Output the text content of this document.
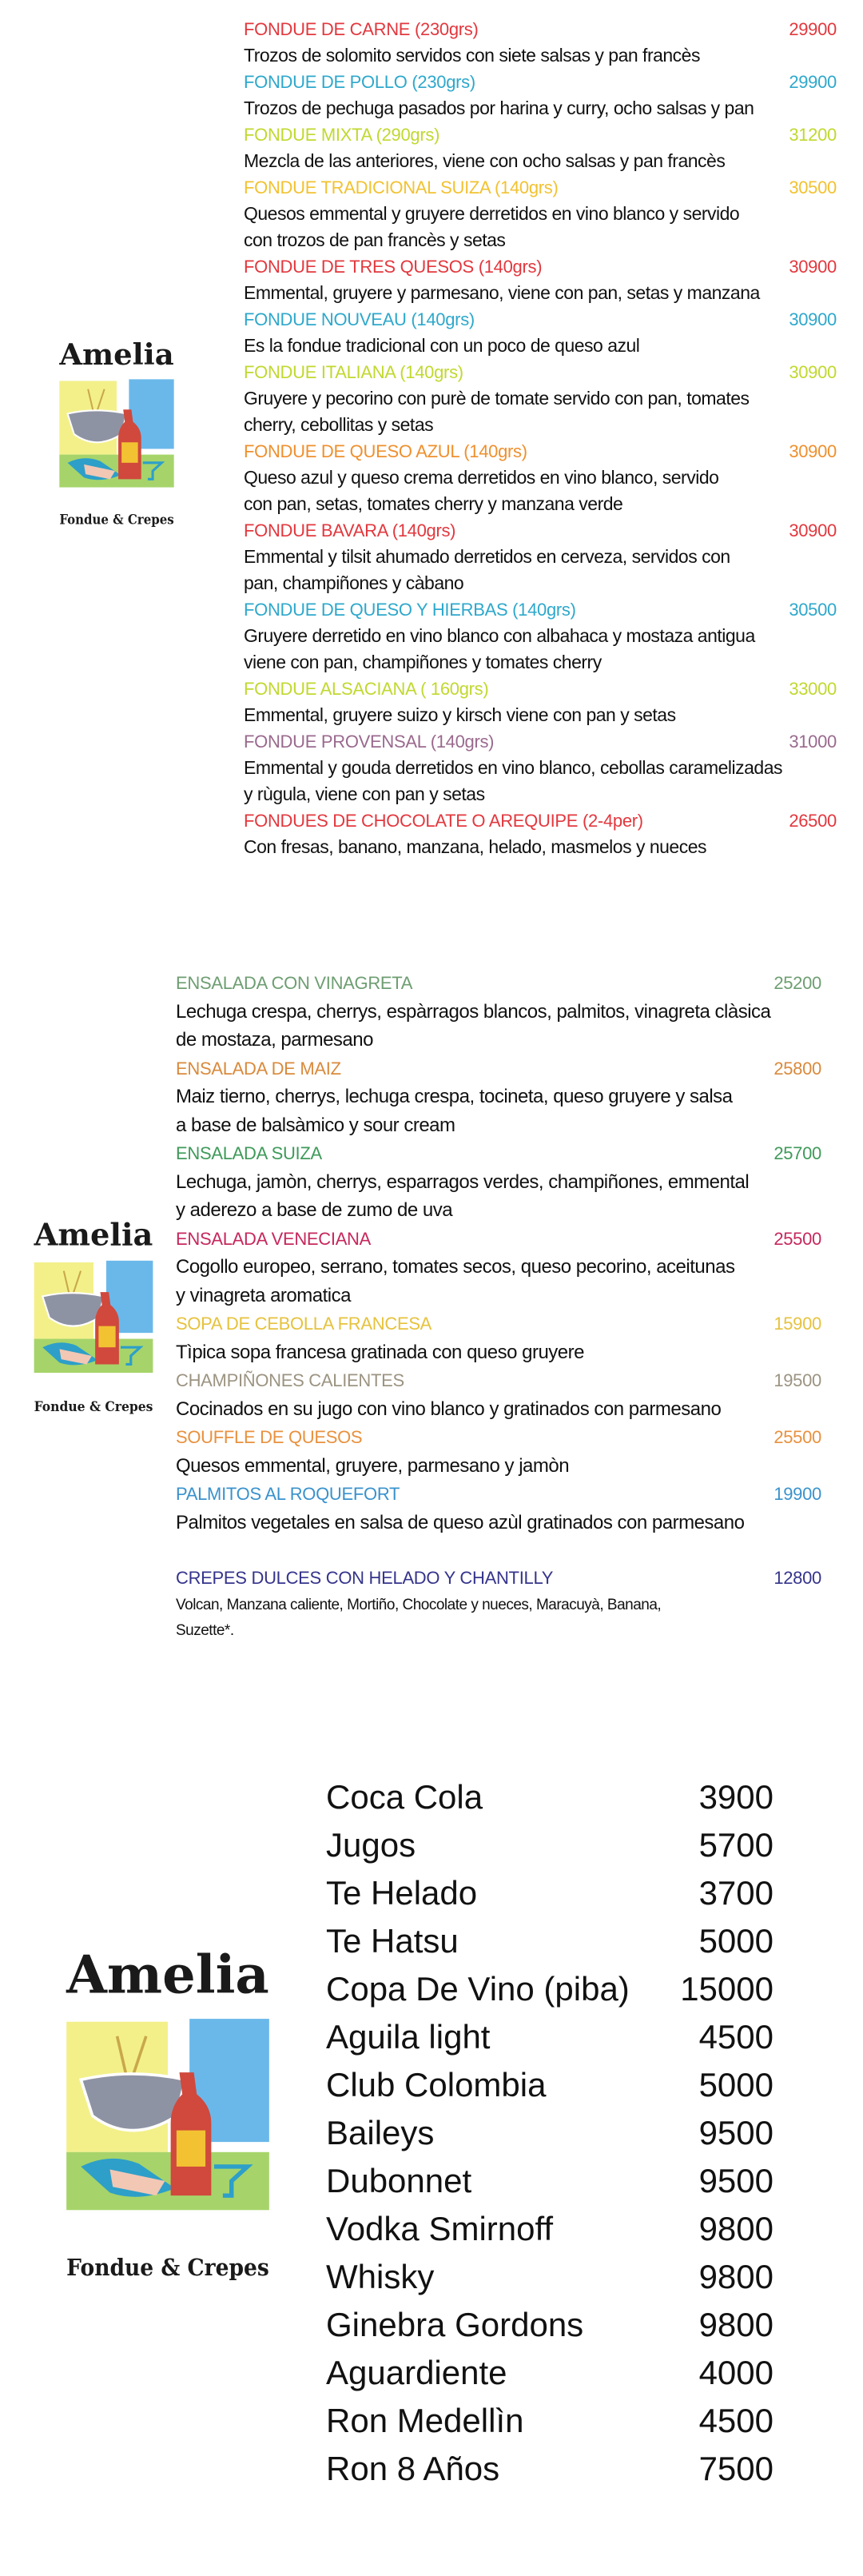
Amelia
Fondue & Crepes
Amelia
Fondue & Crepes
Amelia
Fondue & Crepes
FONDUE DE CARNE (230grs)	29900
Trozos de solomito servidos con siete salsas y pan francès
FONDUE DE POLLO (230grs)	29900
Trozos de pechuga pasados por harina y curry, ocho salsas y pan
FONDUE MIXTA (290grs)	31200
Mezcla de las anteriores, viene con ocho salsas y pan francès
FONDUE TRADICIONAL SUIZA (140grs)	30500
Quesos emmental y gruyere derretidos en vino blanco y servido
con trozos de pan francès y setas
FONDUE DE TRES QUESOS (140grs)	30900
Emmental, gruyere y parmesano, viene con pan, setas y manzana
FONDUE NOUVEAU (140grs)	30900
Es la fondue tradicional con un poco de queso azul
FONDUE ITALIANA (140grs)	30900
Gruyere y pecorino con purè de tomate servido con pan, tomates
cherry, cebollitas y setas
FONDUE DE QUESO AZUL (140grs)	30900
Queso azul y queso crema derretidos en vino blanco, servido
con pan, setas, tomates cherry y manzana verde
FONDUE BAVARA (140grs)	30900
Emmental y tilsit ahumado derretidos en cerveza, servidos con
pan, champiñones y càbano
FONDUE DE QUESO Y HIERBAS (140grs)	30500
Gruyere derretido en vino blanco con albahaca y mostaza antigua
viene con pan, champiñones y tomates cherry
FONDUE ALSACIANA ( 160grs)	33000
Emmental, gruyere suizo y kirsch viene con pan y setas
FONDUE PROVENSAL (140grs)	31000
Emmental y gouda derretidos en vino blanco, cebollas caramelizadas
y rùgula, viene con pan y setas
FONDUES DE CHOCOLATE O AREQUIPE (2-4per)	26500
Con fresas, banano, manzana, helado, masmelos y nueces
ENSALADA CON VINAGRETA	25200
Lechuga crespa, cherrys, espàrragos blancos, palmitos, vinagreta clàsica
de mostaza, parmesano
ENSALADA DE MAIZ	25800
Maiz tierno, cherrys, lechuga crespa, tocineta, queso gruyere y salsa
a base de balsàmico y sour cream
ENSALADA SUIZA	25700
Lechuga, jamòn, cherrys, esparragos verdes, champiñones, emmental
y aderezo a base de zumo de uva
ENSALADA VENECIANA	25500
Cogollo europeo, serrano, tomates secos, queso pecorino, aceitunas
y vinagreta aromatica
SOPA DE CEBOLLA FRANCESA	15900
Tìpica sopa francesa gratinada con queso gruyere
CHAMPIÑONES CALIENTES	19500
Cocinados en su jugo con vino blanco y gratinados con parmesano
SOUFFLE DE QUESOS	25500
Quesos emmental, gruyere, parmesano y jamòn
PALMITOS AL ROQUEFORT	19900
Palmitos vegetales en salsa de queso azùl gratinados con parmesano
CREPES DULCES CON HELADO Y CHANTILLY	12800
Volcan, Manzana caliente, Mortiño, Chocolate y nueces, Maracuyà, Banana,
Suzette*.
Coca Cola	3900
Jugos	5700
Te Helado	3700
Te Hatsu	5000
Copa De Vino (piba) 15000
Aguila light	4500
Club Colombia	5000
Baileys	9500
Dubonnet	9500
Vodka Smirnoff	9800
Whisky	9800
Ginebra Gordons	9800
Aguardiente	4000
Ron Medellìn	4500
Ron 8 Años	7500
